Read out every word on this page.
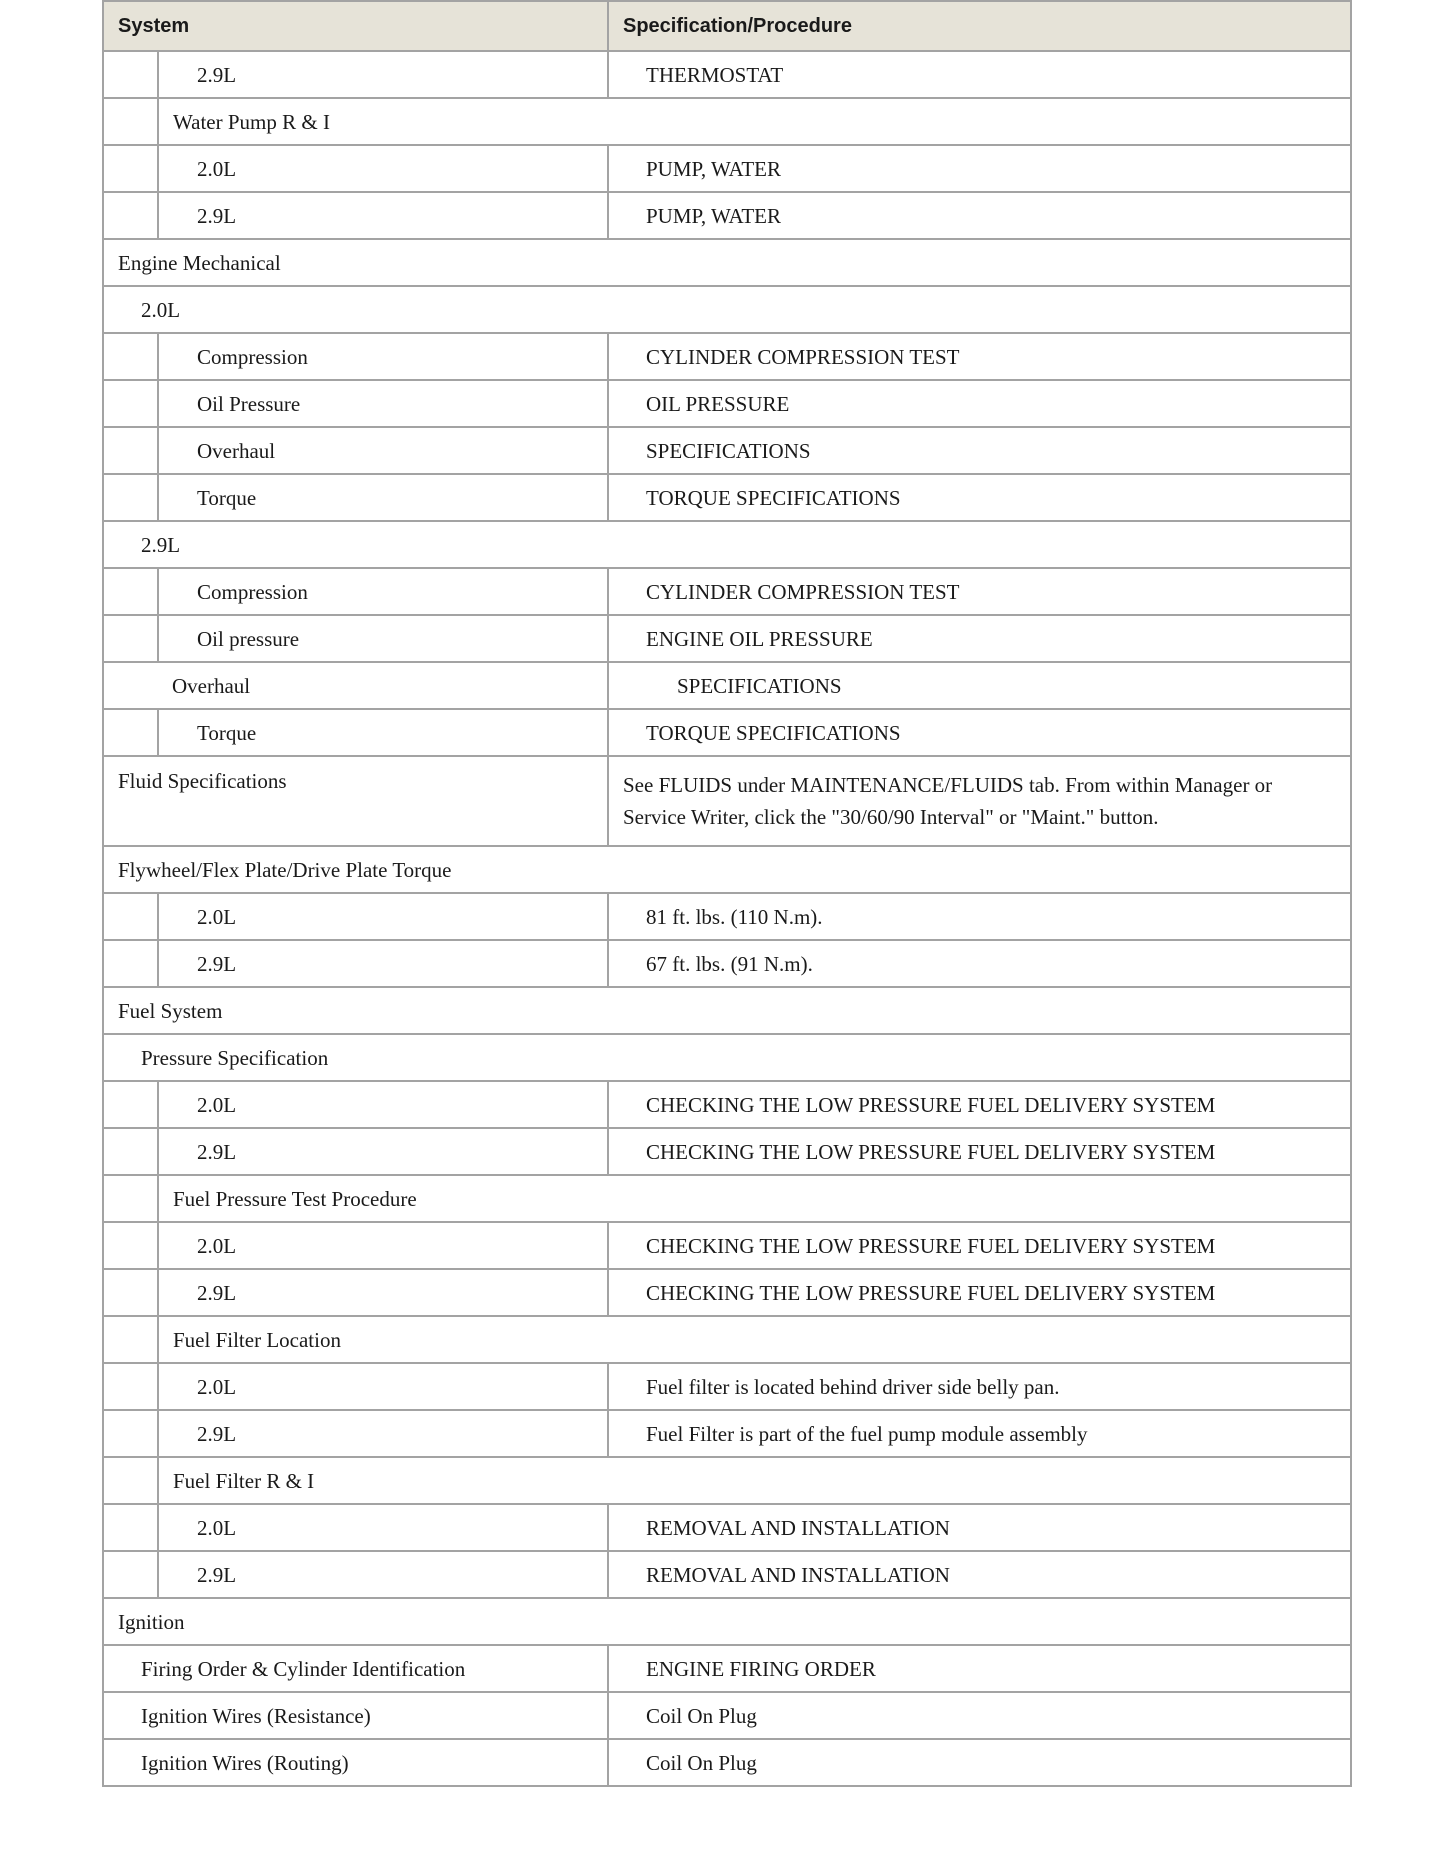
System		Specification/Procedure
	2.9L	THERMOSTAT
	Water Pump R & I	
	2.0L	PUMP, WATER
	2.9L	PUMP, WATER
Engine Mechanical		
2.0L		
	Compression	CYLINDER COMPRESSION TEST
	Oil Pressure	OIL PRESSURE
	Overhaul	SPECIFICATIONS
	Torque	TORQUE SPECIFICATIONS
2.9L		
	Compression	CYLINDER COMPRESSION TEST
	Oil pressure	ENGINE OIL PRESSURE
Overhaul		SPECIFICATIONS
	Torque	TORQUE SPECIFICATIONS
Fluid Specifications		See FLUIDS under MAINTENANCE/FLUIDS tab. From within Manager or Service Writer, click the "30/60/90 Interval" or "Maint." button.
Flywheel/Flex Plate/Drive Plate Torque		
	2.0L	81 ft. lbs. (110 N.m).
	2.9L	67 ft. lbs. (91 N.m).
Fuel System		
Pressure Specification		
	2.0L	CHECKING THE LOW PRESSURE FUEL DELIVERY SYSTEM
	2.9L	CHECKING THE LOW PRESSURE FUEL DELIVERY SYSTEM
	Fuel Pressure Test Procedure	
	2.0L	CHECKING THE LOW PRESSURE FUEL DELIVERY SYSTEM
	2.9L	CHECKING THE LOW PRESSURE FUEL DELIVERY SYSTEM
	Fuel Filter Location	
	2.0L	Fuel filter is located behind driver side belly pan.
	2.9L	Fuel Filter is part of the fuel pump module assembly
	Fuel Filter R & I	
	2.0L	REMOVAL AND INSTALLATION
	2.9L	REMOVAL AND INSTALLATION
Ignition		
Firing Order & Cylinder Identification		ENGINE FIRING ORDER
Ignition Wires (Resistance)		Coil On Plug
Ignition Wires (Routing)		Coil On Plug
